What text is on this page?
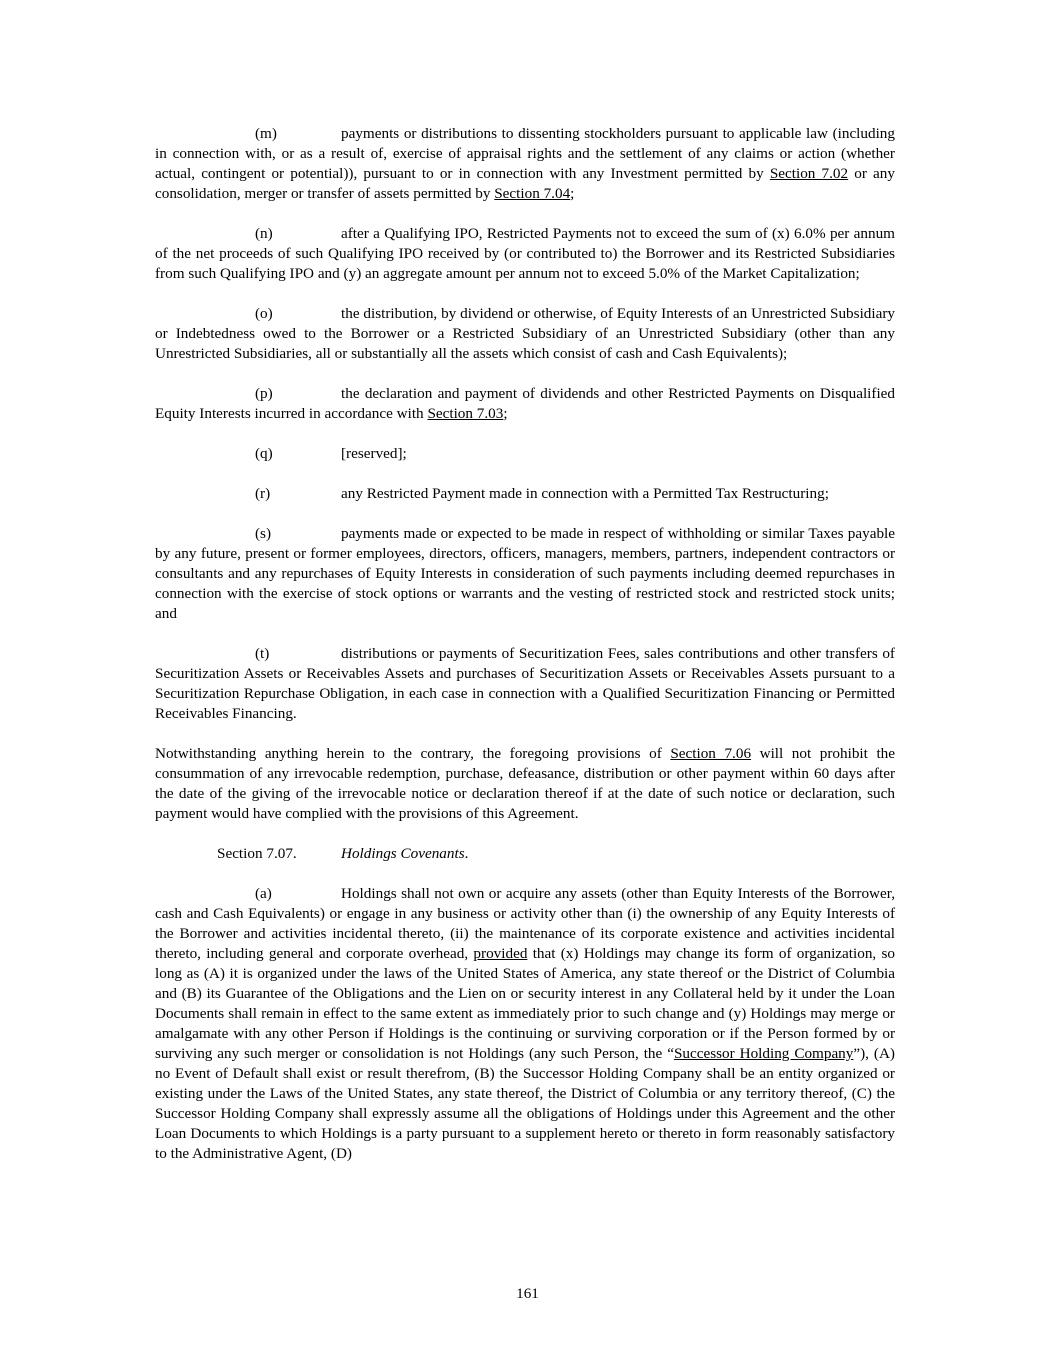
(m)	payments or distributions to dissenting stockholders pursuant to applicable law (including in connection with, or as a result of, exercise of appraisal rights and the settlement of any claims or action (whether actual, contingent or potential)), pursuant to or in connection with any Investment permitted by Section 7.02 or any consolidation, merger or transfer of assets permitted by Section 7.04;

(n)	after a Qualifying IPO, Restricted Payments not to exceed the sum of (x) 6.0% per annum of the net proceeds of such Qualifying IPO received by (or contributed to) the Borrower and its Restricted Subsidiaries from such Qualifying IPO and (y) an aggregate amount per annum not to exceed 5.0% of the Market Capitalization;

(o)	the distribution, by dividend or otherwise, of Equity Interests of an Unrestricted Subsidiary or Indebtedness owed to the Borrower or a Restricted Subsidiary of an Unrestricted Subsidiary (other than any Unrestricted Subsidiaries, all or substantially all the assets which consist of cash and Cash Equivalents);

(p)	the declaration and payment of dividends and other Restricted Payments on Disqualified Equity Interests incurred in accordance with Section 7.03;

(q)	[reserved];

(r)	any Restricted Payment made in connection with a Permitted Tax Restructuring;

(s)	payments made or expected to be made in respect of withholding or similar Taxes payable by any future, present or former employees, directors, officers, managers, members, partners, independent contractors or consultants and any repurchases of Equity Interests in consideration of such payments including deemed repurchases in connection with the exercise of stock options or warrants and the vesting of restricted stock and restricted stock units; and

(t)	distributions or payments of Securitization Fees, sales contributions and other transfers of Securitization Assets or Receivables Assets and purchases of Securitization Assets or Receivables Assets pursuant to a Securitization Repurchase Obligation, in each case in connection with a Qualified Securitization Financing or Permitted Receivables Financing.

Notwithstanding anything herein to the contrary, the foregoing provisions of Section 7.06 will not prohibit the consummation of any irrevocable redemption, purchase, defeasance, distribution or other payment within 60 days after the date of the giving of the irrevocable notice or declaration thereof if at the date of such notice or declaration, such payment would have complied with the provisions of this Agreement.

Section 7.07.	Holdings Covenants.

(a)	Holdings shall not own or acquire any assets (other than Equity Interests of the Borrower, cash and Cash Equivalents) or engage in any business or activity other than (i) the ownership of any Equity Interests of the Borrower and activities incidental thereto, (ii) the maintenance of its corporate existence and activities incidental thereto, including general and corporate overhead, provided that (x) Holdings may change its form of organization, so long as (A) it is organized under the laws of the United States of America, any state thereof or the District of Columbia and (B) its Guarantee of the Obligations and the Lien on or security interest in any Collateral held by it under the Loan Documents shall remain in effect to the same extent as immediately prior to such change and (y) Holdings may merge or amalgamate with any other Person if Holdings is the continuing or surviving corporation or if the Person formed by or surviving any such merger or consolidation is not Holdings (any such Person, the “Successor Holding Company”), (A) no Event of Default shall exist or result therefrom, (B) the Successor Holding Company shall be an entity organized or existing under the Laws of the United States, any state thereof, the District of Columbia or any territory thereof, (C) the Successor Holding Company shall expressly assume all the obligations of Holdings under this Agreement and the other Loan Documents to which Holdings is a party pursuant to a supplement hereto or thereto in form reasonably satisfactory to the Administrative Agent, (D)

161
